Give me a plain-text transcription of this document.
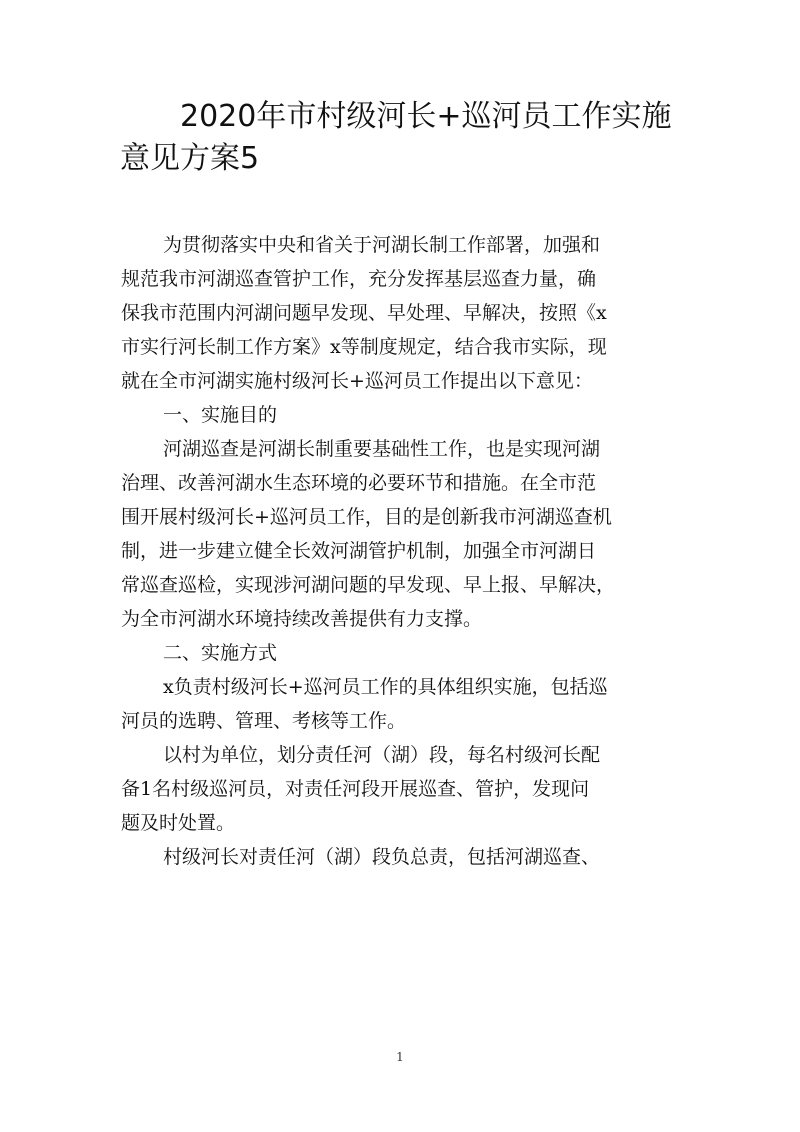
2020年市村级河长+巡河员工作实施意见方案5
为贯彻落实中央和省关于河湖长制工作部署，加强和
规范我市河湖巡查管护工作，充分发挥基层巡查力量，确
保我市范围内河湖问题早发现、早处理、早解决，按照《x
市实行河长制工作方案》x等制度规定，结合我市实际，现
就在全市河湖实施村级河长+巡河员工作提出以下意见：
一、实施目的
河湖巡查是河湖长制重要基础性工作，也是实现河湖
治理、改善河湖水生态环境的必要环节和措施。在全市范
围开展村级河长+巡河员工作，目的是创新我市河湖巡查机
制，进一步建立健全长效河湖管护机制，加强全市河湖日
常巡查巡检，实现涉河湖问题的早发现、早上报、早解决，
为全市河湖水环境持续改善提供有力支撑。
二、实施方式
x负责村级河长+巡河员工作的具体组织实施，包括巡
河员的选聘、管理、考核等工作。
以村为单位，划分责任河（湖）段，每名村级河长配
备1名村级巡河员，对责任河段开展巡查、管护，发现问
题及时处置。
村级河长对责任河（湖）段负总责，包括河湖巡查、
1
